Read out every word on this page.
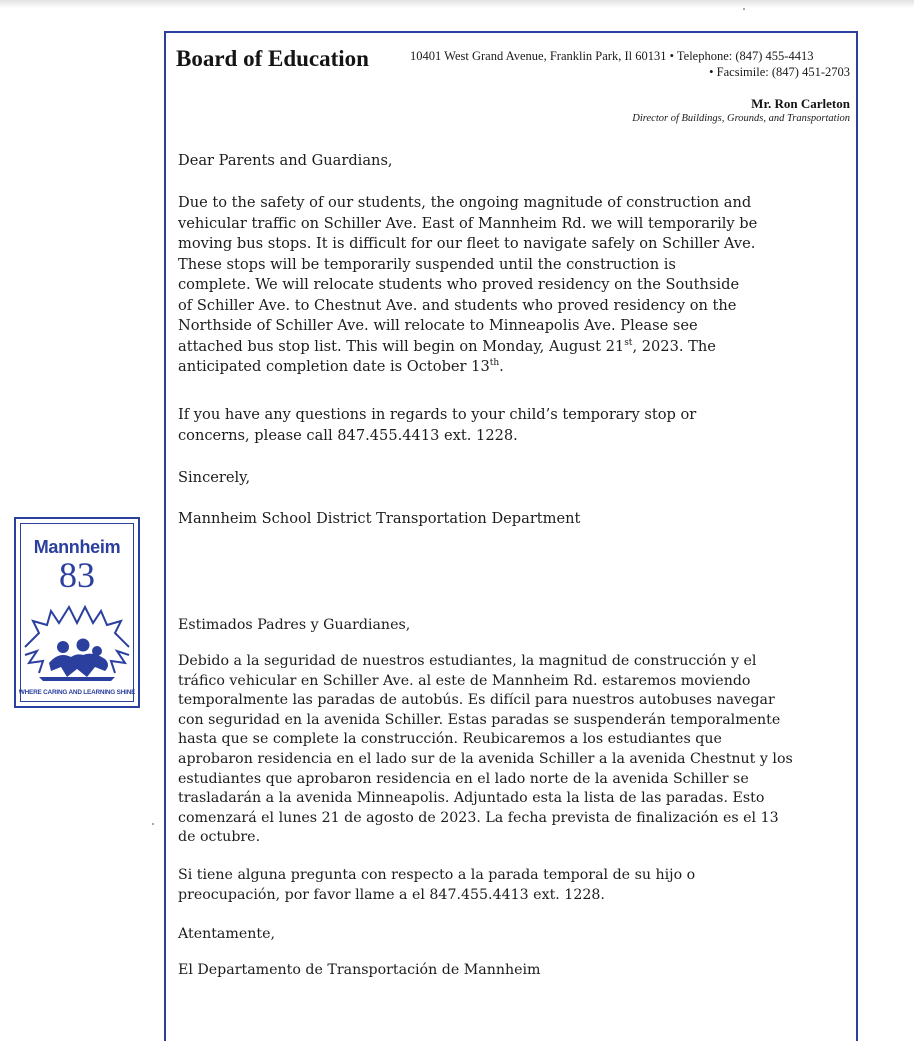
Board of Education	10401 West Grand Avenue, Franklin Park, Il 60131 • Telephone: (847) 455-4413
• Facsimile: (847) 451-2703
Mr. Ron Carleton
Director of Buildings, Grounds, and Transportation

Dear Parents and Guardians,

Due to the safety of our students, the ongoing magnitude of construction and
vehicular traffic on Schiller Ave. East of Mannheim Rd. we will temporarily be
moving bus stops. It is difficult for our fleet to navigate safely on Schiller Ave.
These stops will be temporarily suspended until the construction is
complete. We will relocate students who proved residency on the Southside
of Schiller Ave. to Chestnut Ave. and students who proved residency on the
Northside of Schiller Ave. will relocate to Minneapolis Ave. Please see
attached bus stop list. This will begin on Monday, August 21st, 2023. The
anticipated completion date is October 13th.

If you have any questions in regards to your child’s temporary stop or
concerns, please call 847.455.4413 ext. 1228.

Sincerely,

Mannheim School District Transportation Department

Estimados Padres y Guardianes,

Debido a la seguridad de nuestros estudiantes, la magnitud de construcción y el
tráfico vehicular en Schiller Ave. al este de Mannheim Rd. estaremos moviendo
temporalmente las paradas de autobús. Es difícil para nuestros autobuses navegar
con seguridad en la avenida Schiller. Estas paradas se suspenderán temporalmente
hasta que se complete la construcción. Reubicaremos a los estudiantes que
aprobaron residencia en el lado sur de la avenida Schiller a la avenida Chestnut y los
estudiantes que aprobaron residencia en el lado norte de la avenida Schiller se
trasladarán a la avenida Minneapolis. Adjuntado esta la lista de las paradas. Esto
comenzará el lunes 21 de agosto de 2023. La fecha prevista de finalización es el 13
de octubre.

Si tiene alguna pregunta con respecto a la parada temporal de su hijo o
preocupación, por favor llame a el 847.455.4413 ext. 1228.

Atentamente,

El Departamento de Transportación de Mannheim

Mannheim
83
WHERE CARING AND LEARNING SHINE
